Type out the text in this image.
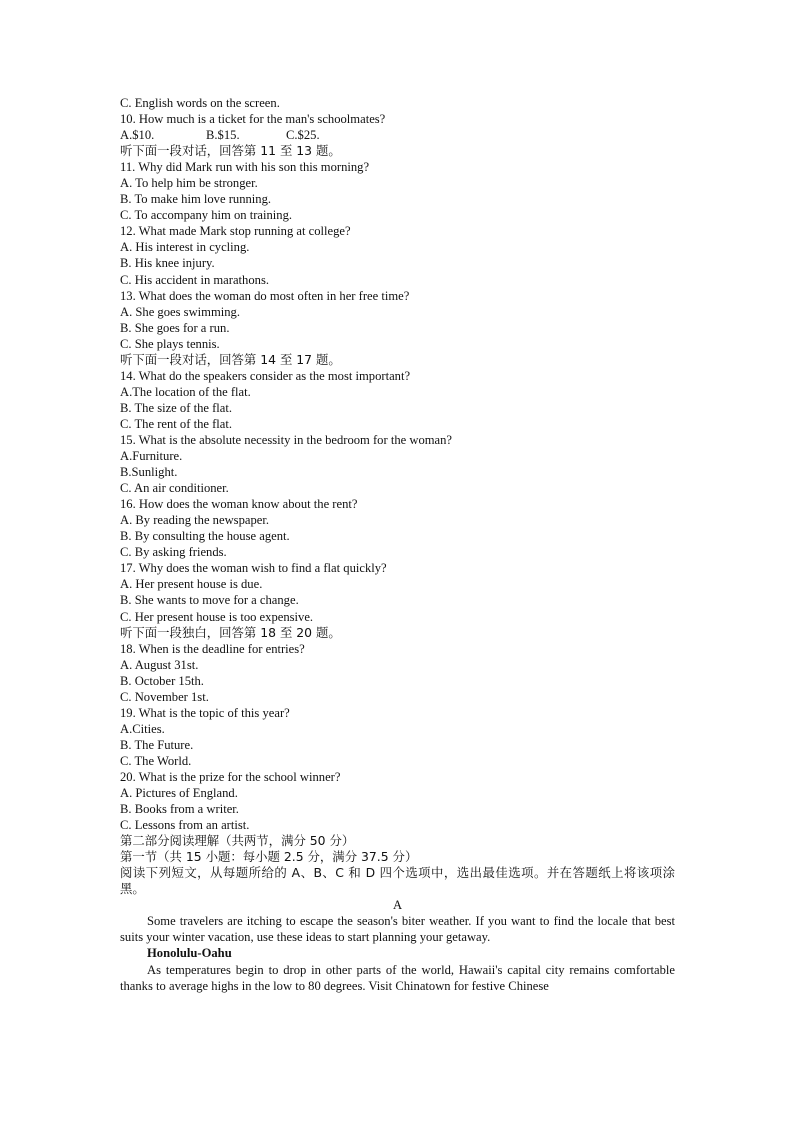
C. English words on the screen.
10. How much is a ticket for the man's schoolmates?
A.$10.	B.$15.	C.$25.
听下面一段对话，回答第 11 至 13 题。
11. Why did Mark run with his son this morning?
A. To help him be stronger.
B. To make him love running.
C. To accompany him on training.
12. What made Mark stop running at college?
A. His interest in cycling.
B. His knee injury.
C. His accident in marathons.
13. What does the woman do most often in her free time?
A. She goes swimming.
B. She goes for a run.
C. She plays tennis.
听下面一段对话，回答第 14 至 17 题。
14. What do the speakers consider as the most important?
A.The location of the flat.
B. The size of the flat.
C. The rent of the flat.
15. What is the absolute necessity in the bedroom for the woman?
A.Furniture.
B.Sunlight.
C. An air conditioner.
16. How does the woman know about the rent?
A. By reading the newspaper.
B. By consulting the house agent.
C. By asking friends.
17. Why does the woman wish to find a flat quickly?
A. Her present house is due.
B. She wants to move for a change.
C. Her present house is too expensive.
听下面一段独白，回答第 18 至 20 题。
18. When is the deadline for entries?
A. August 31st.
B. October 15th.
C. November 1st.
19. What is the topic of this year?
A.Cities.
B. The Future.
C. The World.
20. What is the prize for the school winner?
A. Pictures of England.
B. Books from a writer.
C. Lessons from an artist.
第二部分阅读理解（共两节，满分 50 分）
第一节（共 15 小题：每小题 2.5 分，满分 37.5 分）
阅读下列短文，从每题所给的 A、B、C 和 D 四个选项中，选出最佳选项。并在答题纸上将该项涂黑。
A
Some travelers are itching to escape the season's biter weather. If you want to find the locale that best suits your winter vacation, use these ideas to start planning your getaway.
Honolulu-Oahu
As temperatures begin to drop in other parts of the world, Hawaii's capital city remains comfortable thanks to average highs in the low to 80 degrees. Visit Chinatown for festive Chinese
